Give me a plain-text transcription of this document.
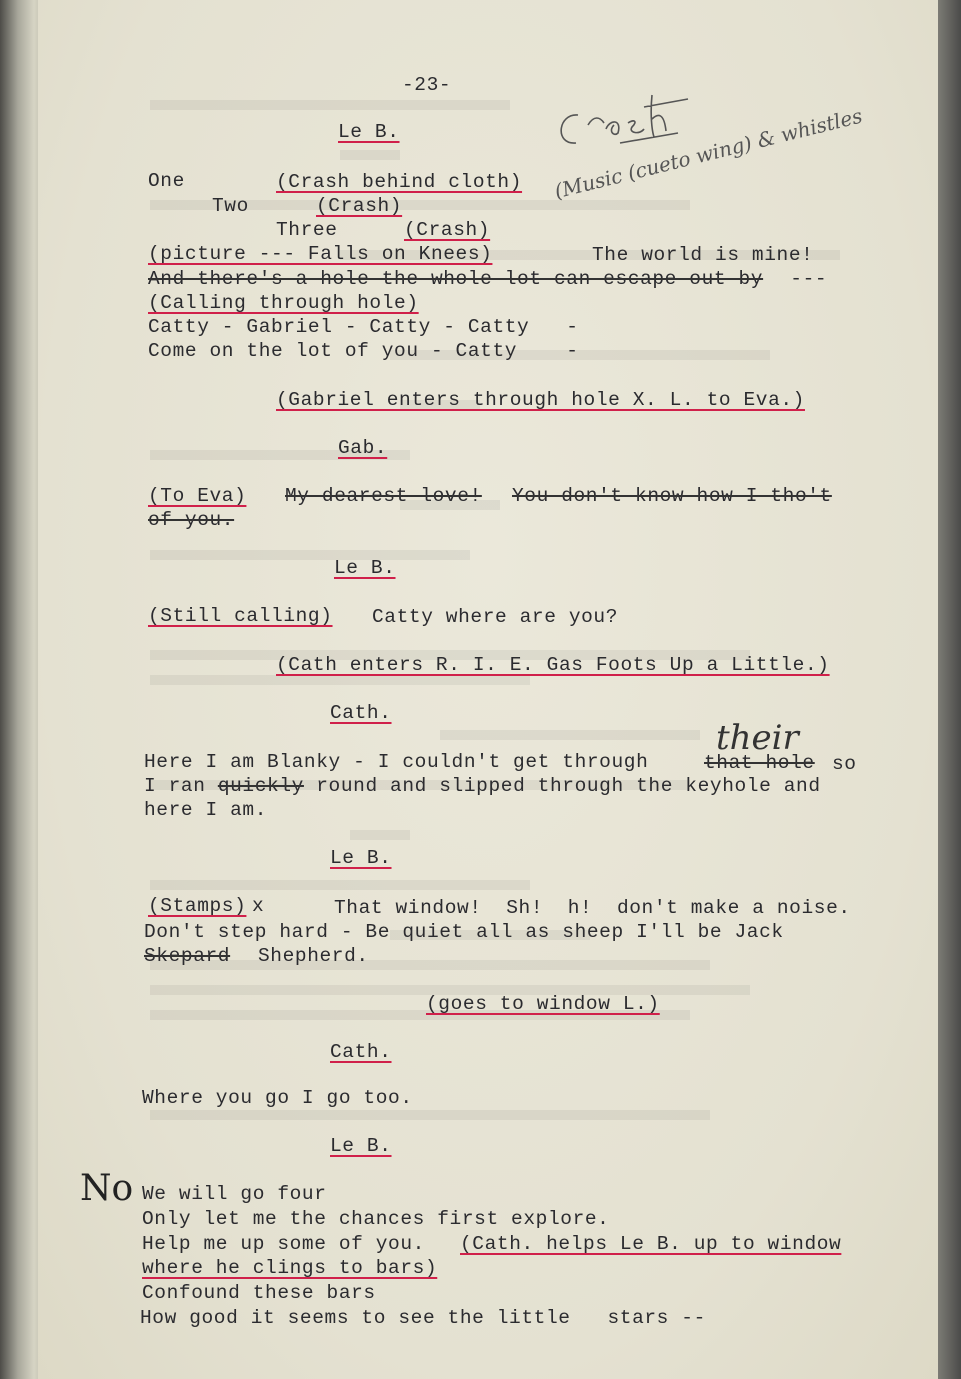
-23-
Le B.
One	(Crash behind cloth)
Two	(Crash)
Three	(Crash)
(Music (cueto wing) & whistles
(picture --- Falls on Knees)	The world is mine!
And there's a hole the whole lot can escape out by ---
(Calling through hole)
Catty - Gabriel - Catty - Catty   -
Come on the lot of you - Catty    -
(Gabriel enters through hole X. L. to Eva.)
Gab.
(To Eva) My dearest love! You don't know how I tho't
of you.
Le B.
(Still calling) Catty where are you?
(Cath enters R. I. E. Gas Foots Up a Little.)
Cath.
their
Here I am Blanky - I couldn't get through	that hole so
I ran quickly round and slipped through the keyhole and
here I am.
Le B.
(Stamps) x	That window!  Sh!  h!  don't make a noise.
Don't step hard - Be quiet all as sheep I'll be Jack
Skepard Shepherd.
(goes to window L.)
Cath.
Where you go I go too.
Le B.
No We will go four
Only let me the chances first explore.
Help me up some of you. (Cath. helps Le B. up to window
where he clings to bars)
Confound these bars
How good it seems to see the little   stars --
